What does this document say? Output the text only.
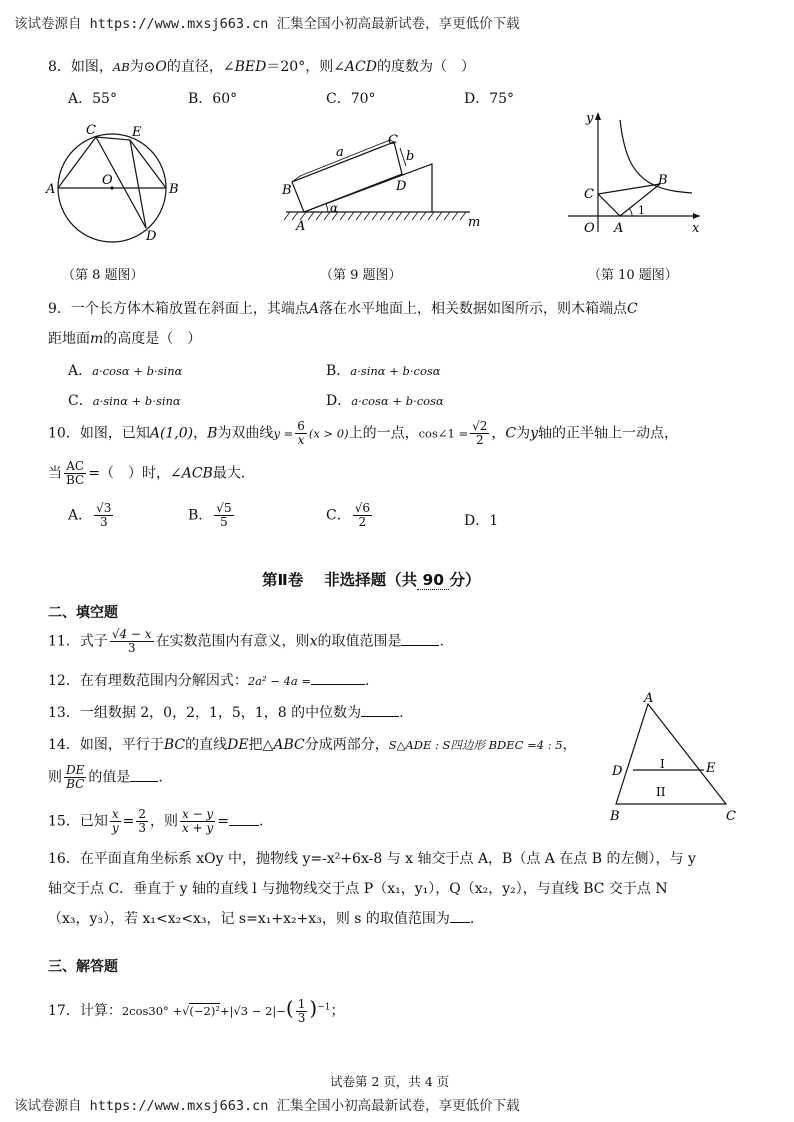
该试卷源自 https://www.mxsj663.cn 汇集全国小初高最新试卷，享更低价下载
8．如图，AB为⊙O的直径，∠BED＝20°，则∠ACD的度数为（　）
A．55°	B．60°	C．70°	D．75°
C	E
A
O
B
D
a	b
C
B	D
A
α
m
y
C
B
O A
1
x
（第 8 题图）	（第 9 题图）	（第 10 题图）
9．一个长方体木箱放置在斜面上，其端点A落在水平地面上，相关数据如图所示，则木箱端点C
距地面m的高度是（　）
A．a·cosα + b·sinα	B．a·sinα + b·cosα
C．a·sinα + b·sinα	D．a·cosα + b·cosα
10．如图，已知A(1,0)，B为双曲线$y = \frac{6}{x} (x > 0)$上的一点，cos∠1 = $\frac{√2}{2}$ ，C为y轴的正半轴上一动点，
当 $\frac{AC}{BC}$ =（　）时，∠ACB最大．
A． $\frac{√3}{3}$	B． $\frac{√5}{5}$	C． $\frac{√6}{2}$	D．1
第Ⅱ卷　 非选择题（共 90 分）
二、填空题
11．式子 $\frac{√4 - x}{3}$ 在实数范围内有意义，则x的取值范围是	.
12．在有理数范围内分解因式：2a² − 4a =	.
13．一组数据 2，0，2，1，5，1，8 的中位数为	.
14．如图，平行于BC的直线DE把△ABC分成两部分，S△ADE : S四边形 BDEC =4 : 5，
则 $\frac{DE}{BC}$ 的值是 .
A
D	E
I
II
B	C
15．已知 $\frac{x}{y} = \frac{2}{3}$ ，则 $\frac{x - y}{x + y}$ = .
16．在平面直角坐标系 xOy 中，抛物线 y=-x²+6x-8 与 x 轴交于点 A，B（点 A 在点 B 的左侧），与 y
轴交于点 C．垂直于 y 轴的直线 l 与抛物线交于点 P（x₁，y₁），Q（x₂，y₂），与直线 BC 交于点 N
（x₃，y₃），若 x₁<x₂<x₃，记 s=x₁+x₂+x₃，则 s 的取值范围为 .
三、解答题
17．计算：$2\cos 30^\circ +√(-2)^2+|√3 - 2|-( \frac{1}{3} )^{-1}$；
试卷第 2 页，共 4 页
该试卷源自 https://www.mxsj663.cn 汇集全国小初高最新试卷，享更低价下载
